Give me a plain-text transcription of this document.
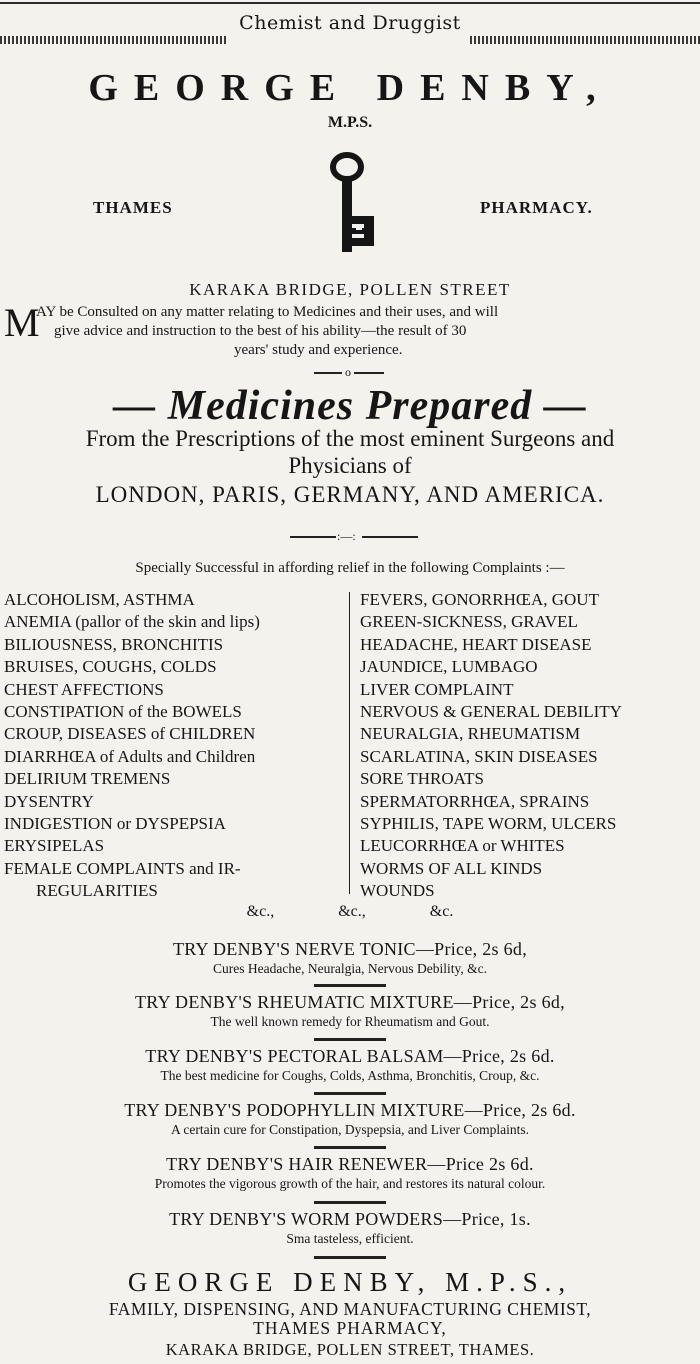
Chemist and Druggist
GEORGE DENBY,
M.P.S.
THAMES	PHARMACY.
KARAKA BRIDGE, POLLEN STREET
M
AY be Consulted on any matter relating to Medicines and their uses, and will
give advice and instruction to the best of his ability—the result of 30
years' study and experience.
o
— Medicines Prepared —
From the Prescriptions of the most eminent Surgeons and
Physicians of
LONDON, PARIS, GERMANY, AND AMERICA.
:—:
Specially Successful in affording relief in the following Complaints :—
ALCOHOLISM, ASTHMA
ANEMIA (pallor of the skin and lips)
BILIOUSNESS, BRONCHITIS
BRUISES, COUGHS, COLDS
CHEST AFFECTIONS
CONSTIPATION of the BOWELS
CROUP, DISEASES of CHILDREN
DIARRHŒA of Adults and Children
DELIRIUM TREMENS
DYSENTRY
INDIGESTION or DYSPEPSIA
ERYSIPELAS
FEMALE COMPLAINTS and IR-
REGULARITIES
FEVERS, GONORRHŒA, GOUT
GREEN-SICKNESS, GRAVEL
HEADACHE, HEART DISEASE
JAUNDICE, LUMBAGO
LIVER COMPLAINT
NERVOUS & GENERAL DEBILITY
NEURALGIA, RHEUMATISM
SCARLATINA, SKIN DISEASES
SORE THROATS
SPERMATORRHŒA, SPRAINS
SYPHILIS, TAPE WORM, ULCERS
LEUCORRHŒA or WHITES
WORMS OF ALL KINDS
WOUNDS
&c.,	&c.,	&c.
TRY DENBY'S NERVE TONIC—Price, 2s 6d,
Cures Headache, Neuralgia, Nervous Debility, &c.
TRY DENBY'S RHEUMATIC MIXTURE—Price, 2s 6d,
The well known remedy for Rheumatism and Gout.
TRY DENBY'S PECTORAL BALSAM—Price, 2s 6d.
The best medicine for Coughs, Colds, Asthma, Bronchitis, Croup, &c.
TRY DENBY'S PODOPHYLLIN MIXTURE—Price, 2s 6d.
A certain cure for Constipation, Dyspepsia, and Liver Complaints.
TRY DENBY'S HAIR RENEWER—Price 2s 6d.
Promotes the vigorous growth of the hair, and restores its natural colour.
TRY DENBY'S WORM POWDERS—Price, 1s.
Sma tasteless, efficient.
GEORGE DENBY, M.P.S.,
FAMILY, DISPENSING, AND MANUFACTURING CHEMIST,
THAMES PHARMACY,
KARAKA BRIDGE, POLLEN STREET, THAMES.
